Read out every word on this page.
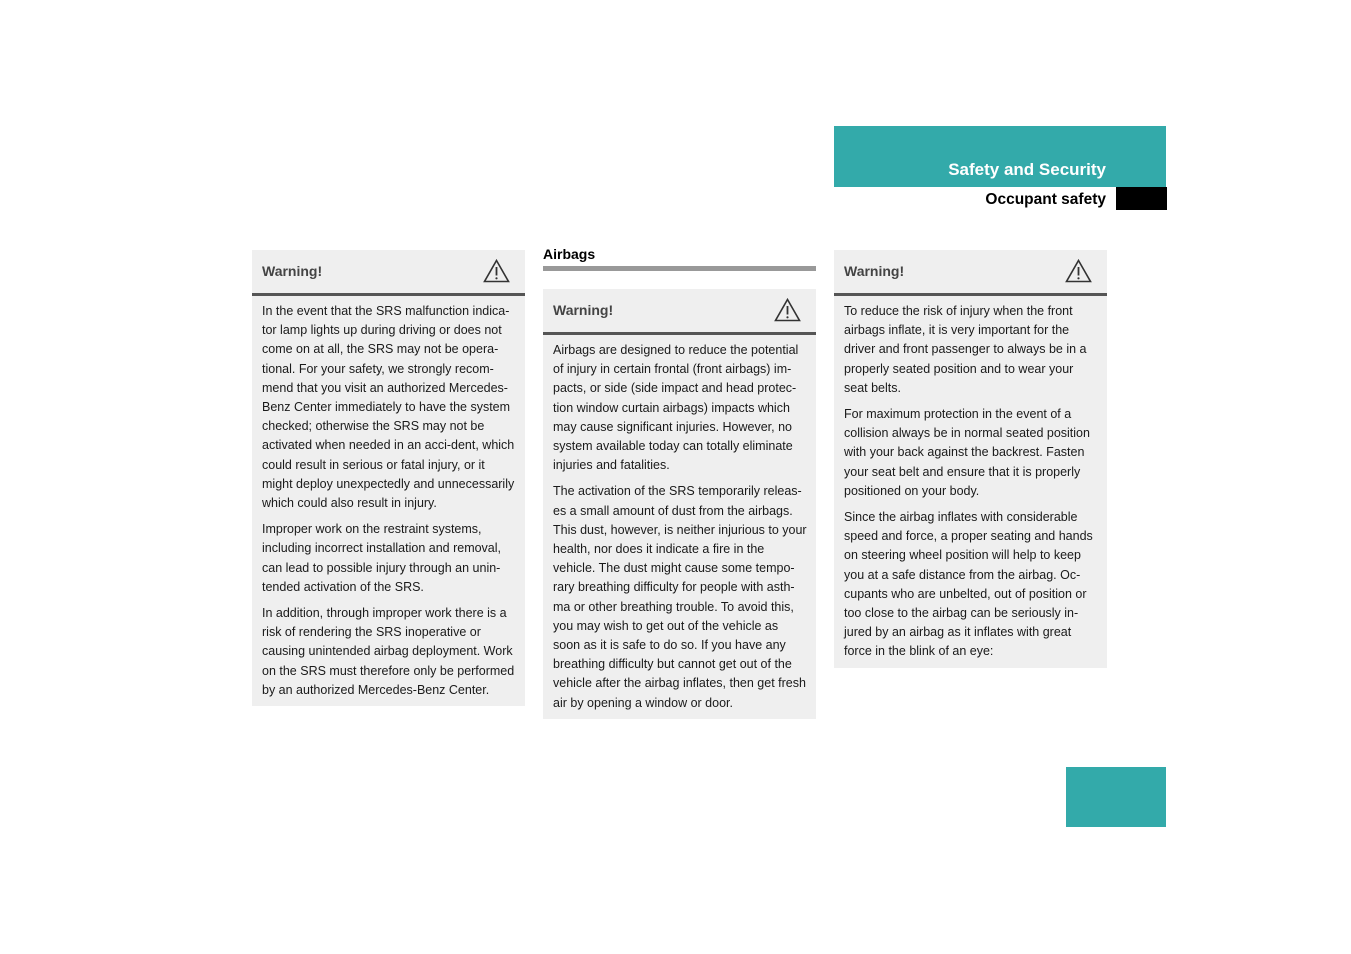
Safety and Security
Occupant safety
Warning!

In the event that the SRS malfunction indica-tor lamp lights up during driving or does not come on at all, the SRS may not be opera-tional. For your safety, we strongly recom-mend that you visit an authorized Mercedes-Benz Center immediately to have the system checked; otherwise the SRS may not be activated when needed in an acci-dent, which could result in serious or fatal injury, or it might deploy unexpectedly and unnecessarily which could also result in injury.

Improper work on the restraint systems, including incorrect installation and removal, can lead to possible injury through an unin-tended activation of the SRS.

In addition, through improper work there is a risk of rendering the SRS inoperative or causing unintended airbag deployment. Work on the SRS must therefore only be performed by an authorized Mercedes-Benz Center.

Airbags
Warning!

Airbags are designed to reduce the potential of injury in certain frontal (front airbags) im-pacts, or side (side impact and head protec-tion window curtain airbags) impacts which may cause significant injuries. However, no system available today can totally eliminate injuries and fatalities.

The activation of the SRS temporarily releas-es a small amount of dust from the airbags. This dust, however, is neither injurious to your health, nor does it indicate a fire in the vehicle. The dust might cause some tempo-rary breathing difficulty for people with asth-ma or other breathing trouble. To avoid this, you may wish to get out of the vehicle as soon as it is safe to do so. If you have any breathing difficulty but cannot get out of the vehicle after the airbag inflates, then get fresh air by opening a window or door.

Warning!

To reduce the risk of injury when the front airbags inflate, it is very important for the driver and front passenger to always be in a properly seated position and to wear your seat belts.

For maximum protection in the event of a collision always be in normal seated position with your back against the backrest. Fasten your seat belt and ensure that it is properly positioned on your body.

Since the airbag inflates with considerable speed and force, a proper seating and hands on steering wheel position will help to keep you at a safe distance from the airbag. Oc-cupants who are unbelted, out of position or too close to the airbag can be seriously in-jured by an airbag as it inflates with great force in the blink of an eye:

57
